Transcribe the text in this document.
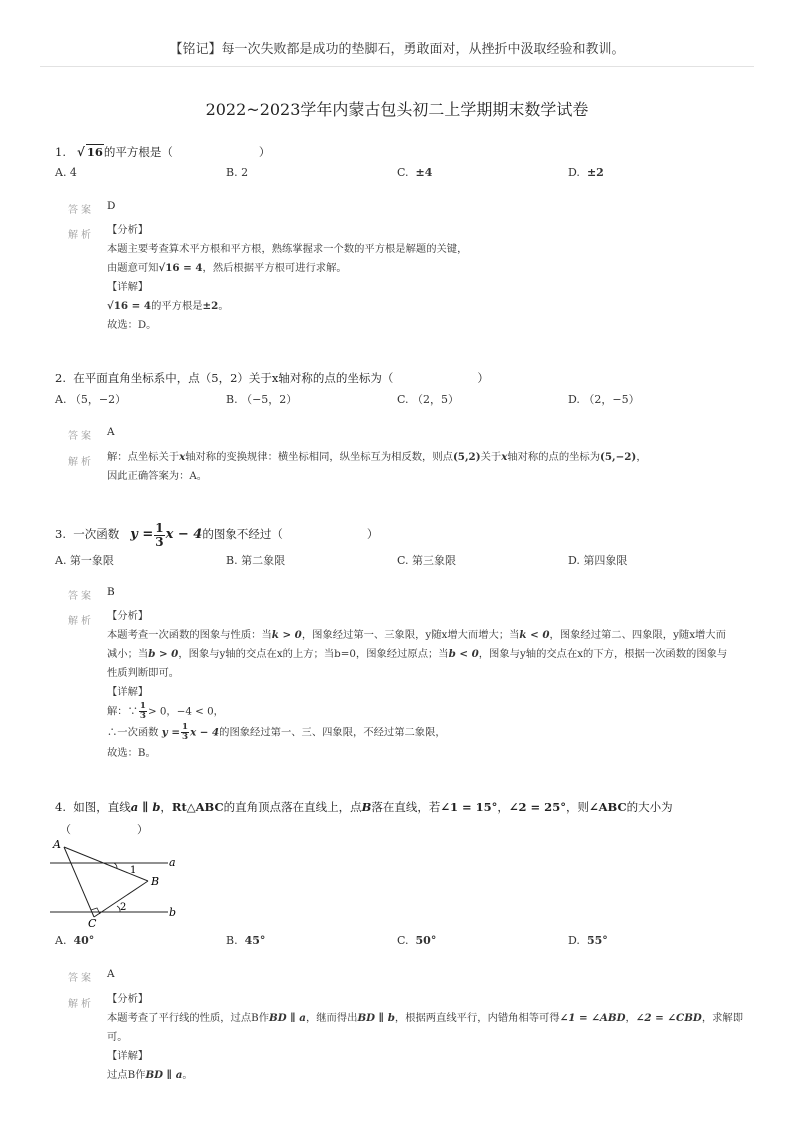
【铭记】每一次失败都是成功的垫脚石，勇敢面对，从挫折中汲取经验和教训。
2022~2023学年内蒙古包头初二上学期期末数学试卷
1. √ 16的平方根是（	）
A. 4	B. 2	C. ±4	D. ±2
答案 D
解析 【分析】
本题主要考查算术平方根和平方根，熟练掌握求一个数的平方根是解题的关键，
由题意可知√16 = 4，然后根据平方根可进行求解。
【详解】
√16 = 4的平方根是±2。
故选：D。
2. 在平面直角坐标系中，点（5，2）关于x轴对称的点的坐标为（	）
A. （5，−2）	B. （−5，2）	C. （2，5）	D. （2，−5）
答案 A
解析 解：点坐标关于x轴对称的变换规律：横坐标相同，纵坐标互为相反数，则点(5,2)关于x轴对称的点的坐标为(5,−2)，
因此正确答案为：A。
3. 一次函数 $y = \frac{1}{3}$ x − 4的图象不经过（	）
A. 第一象限	B. 第二象限	C. 第三象限	D. 第四象限
答案 B
解析 【分析】
本题考查一次函数的图象与性质：当k > 0，图象经过第一、三象限，y随x增大而增大；当k < 0，图象经过第二、四象限，y随x增大而
减小；当b > 0，图象与y轴的交点在x的上方；当b=0，图象经过原点；当b < 0，图象与y轴的交点在x的下方，根据一次函数的图象与
性质判断即可。
【详解】
解：∵ $\frac{1}{3} > 0$，−4 < 0，
∴一次函数 $y = \frac{1}{3}$ x − 4的图象经过第一、三、四象限，不经过第二象限，
故选：B。
4. 如图，直线a ∥ b，Rt△ABC的直角顶点落在直线上，点B落在直线，若∠1 = 15°，∠2 = 25°，则∠ABC的大小为
（　　　　　　）
A
B
C
a
b
1
2
A. 40°	B. 45°	C. 50°	D. 55°
答案 A
解析 【分析】
本题考查了平行线的性质，过点B作BD ∥ a，继而得出BD ∥ b，根据两直线平行，内错角相等可得∠1 = ∠ABD，∠2 = ∠CBD，求解即
可。
【详解】
过点B作BD ∥ a。
